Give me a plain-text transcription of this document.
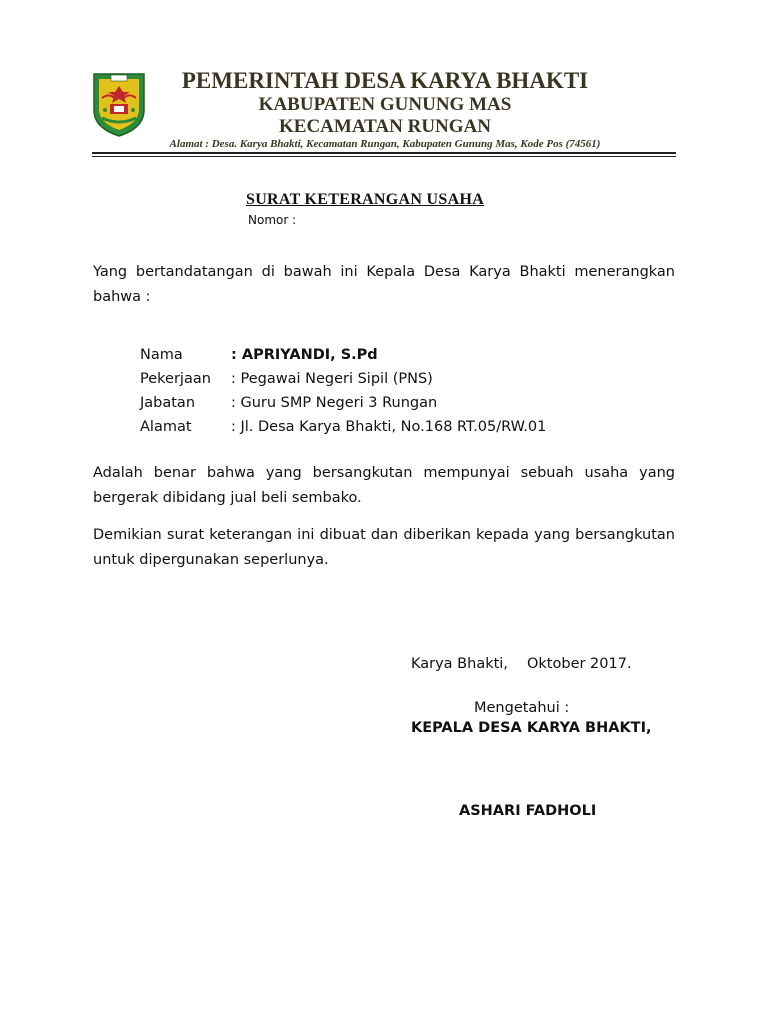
PEMERINTAH DESA KARYA BHAKTI
KABUPATEN GUNUNG MAS
KECAMATAN RUNGAN
Alamat : Desa. Karya Bhakti, Kecamatan Rungan, Kabupaten Gunung Mas, Kode Pos (74561)
SURAT KETERANGAN USAHA
Nomor :
Yang bertandatangan di bawah ini Kepala Desa Karya Bhakti menerangkan bahwa :
Nama	: APRIYANDI, S.Pd
Pekerjaan : Pegawai Negeri Sipil (PNS)
Jabatan : Guru SMP Negeri 3 Rungan
Alamat	: Jl. Desa Karya Bhakti, No.168 RT.05/RW.01
Adalah benar bahwa yang bersangkutan mempunyai sebuah usaha yang bergerak dibidang jual beli sembako.
Demikian surat keterangan ini dibuat dan diberikan kepada yang bersangkutan untuk dipergunakan seperlunya.
Karya Bhakti, Oktober 2017.
Mengetahui :
KEPALA DESA KARYA BHAKTI,
ASHARI FADHOLI
